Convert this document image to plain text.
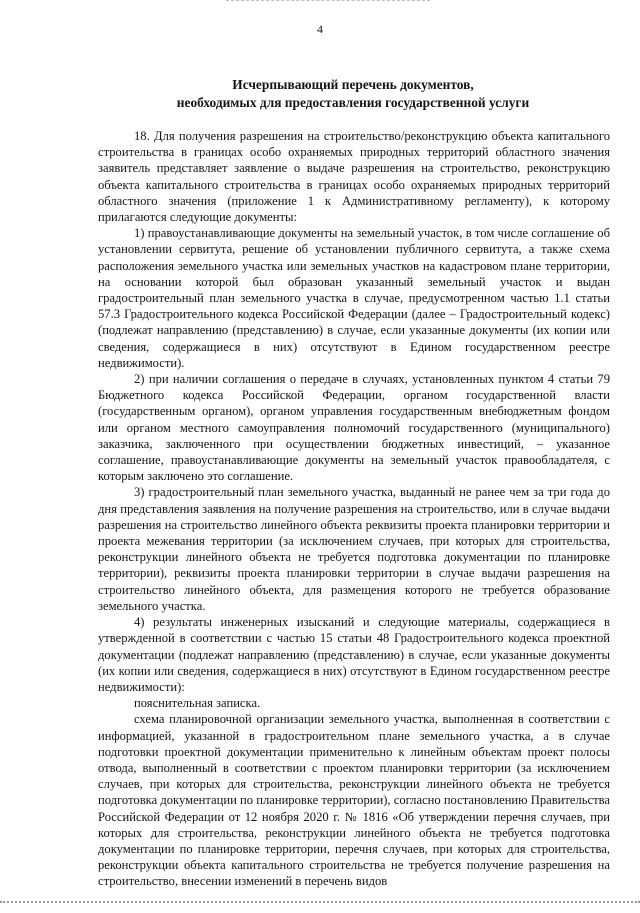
4
Исчерпывающий перечень документов,
необходимых для предоставления государственной услуги

18. Для получения разрешения на строительство/реконструкцию объекта капитального строительства в границах особо охраняемых природных территорий областного значения заявитель представляет заявление о выдаче разрешения на строительство, реконструкцию объекта капитального строительства в границах особо охраняемых природных территорий областного значения (приложение 1 к Административному регламенту), к которому прилагаются следующие документы:

1) правоустанавливающие документы на земельный участок, в том числе соглашение об установлении сервитута, решение об установлении публичного сервитута, а также схема расположения земельного участка или земельных участков на кадастровом плане территории, на основании которой был образован указанный земельный участок и выдан градостроительный план земельного участка в случае, предусмотренном частью 1.1 статьи 57.3 Градостроительного кодекса Российской Федерации (далее – Градостроительный кодекс) (подлежат направлению (представлению) в случае, если указанные документы (их копии или сведения, содержащиеся в них) отсутствуют в Едином государственном реестре недвижимости).

2) при наличии соглашения о передаче в случаях, установленных пунктом 4 статьи 79 Бюджетного кодекса Российской Федерации, органом государственной власти (государственным органом), органом управления государственным внебюджетным фондом или органом местного самоуправления полномочий государственного (муниципального) заказчика, заключенного при осуществлении бюджетных инвестиций, – указанное соглашение, правоустанавливающие документы на земельный участок правообладателя, с которым заключено это соглашение.

3) градостроительный план земельного участка, выданный не ранее чем за три года до дня представления заявления на получение разрешения на строительство, или в случае выдачи разрешения на строительство линейного объекта реквизиты проекта планировки территории и проекта межевания территории (за исключением случаев, при которых для строительства, реконструкции линейного объекта не требуется подготовка документации по планировке территории), реквизиты проекта планировки территории в случае выдачи разрешения на строительство линейного объекта, для размещения которого не требуется образование земельного участка.

4) результаты инженерных изысканий и следующие материалы, содержащиеся в утвержденной в соответствии с частью 15 статьи 48 Градостроительного кодекса проектной документации (подлежат направлению (представлению) в случае, если указанные документы (их копии или сведения, содержащиеся в них) отсутствуют в Едином государственном реестре недвижимости):

пояснительная записка.

схема планировочной организации земельного участка, выполненная в соответствии с информацией, указанной в градостроительном плане земельного участка, а в случае подготовки проектной документации применительно к линейным объектам проект полосы отвода, выполненный в соответствии с проектом планировки территории (за исключением случаев, при которых для строительства, реконструкции линейного объекта не требуется подготовка документации по планировке территории), согласно постановлению Правительства Российской Федерации от 12 ноября 2020 г. № 1816 «Об утверждении перечня случаев, при которых для строительства, реконструкции линейного объекта не требуется подготовка документации по планировке территории, перечня случаев, при которых для строительства, реконструкции объекта капитального строительства не требуется получение разрешения на строительство, внесении изменений в перечень видов
